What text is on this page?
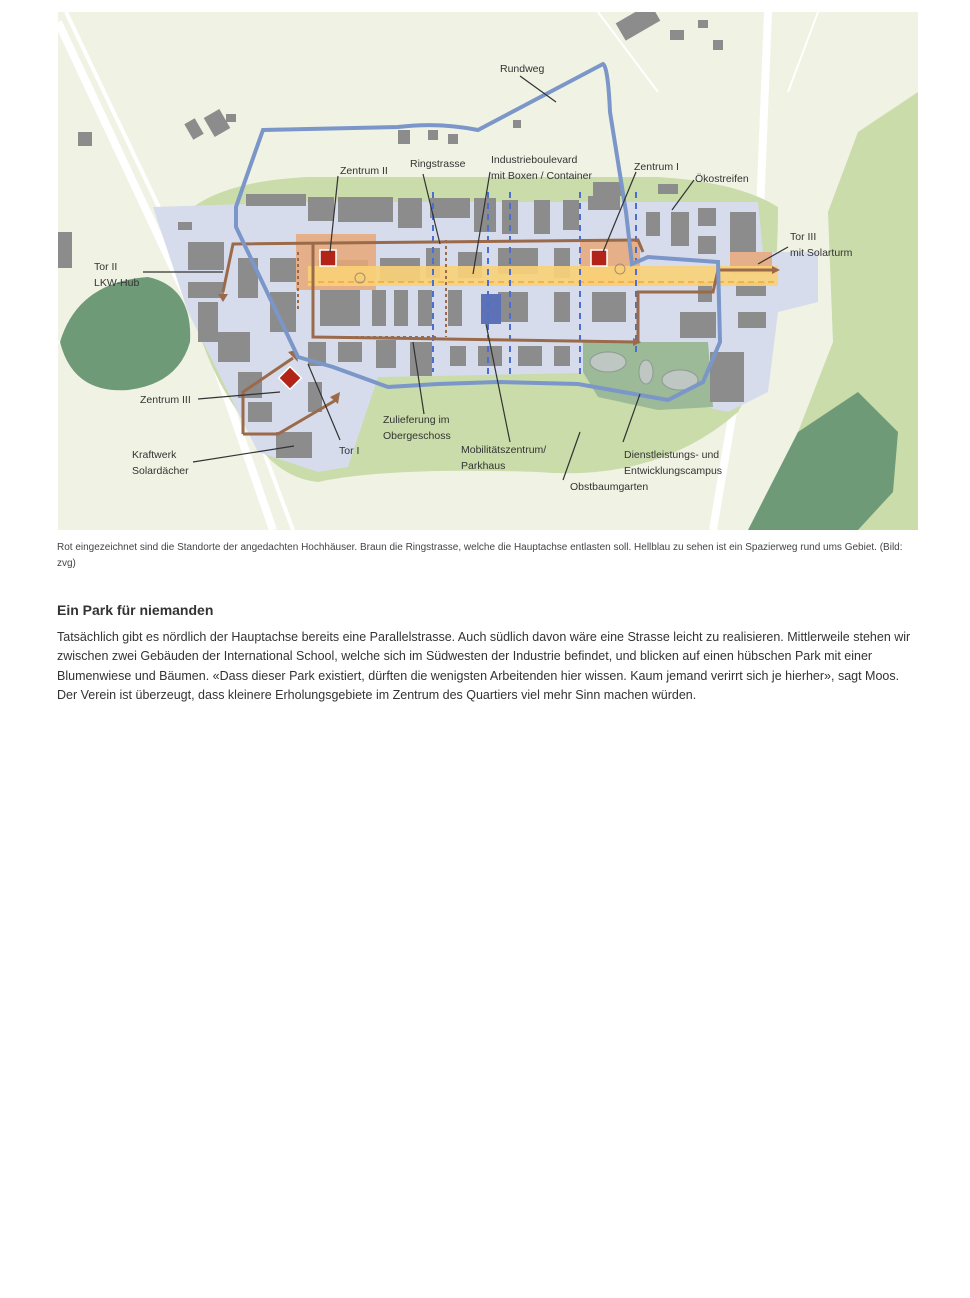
Rundweg
Zentrum II
Ringstrasse Industrieboulevard
mit Boxen / Container
Zentrum I
Ökostreifen
Tor III
mit Solarturm
Tor II
LKW-Hub
Zentrum III
Kraftwerk
Solardächer
Tor I
Zulieferung im
Obergeschoss
Mobilitätszentrum/
Parkhaus
Dienstleistungs- und
Entwicklungscampus
Obstbaumgarten
Rot eingezeichnet sind die Standorte der angedachten Hochhäuser. Braun die Ringstrasse, welche die Hauptachse entlasten soll. Hellblau zu sehen ist ein Spazierweg rund ums Gebiet. (Bild: zvg)
Ein Park für niemanden

Tatsächlich gibt es nördlich der Hauptachse bereits eine Parallelstrasse. Auch südlich davon wäre eine Strasse leicht zu realisieren. Mittlerweile stehen wir zwischen zwei Gebäuden der International School, welche sich im Südwesten der Industrie befindet, und blicken auf einen hübschen Park mit einer Blumenwiese und Bäumen. «Dass dieser Park existiert, dürften die wenigsten Arbeitenden hier wissen. Kaum jemand verirrt sich je hierher», sagt Moos. Der Verein ist überzeugt, dass kleinere Erholungsgebiete im Zentrum des Quartiers viel mehr Sinn machen würden.
